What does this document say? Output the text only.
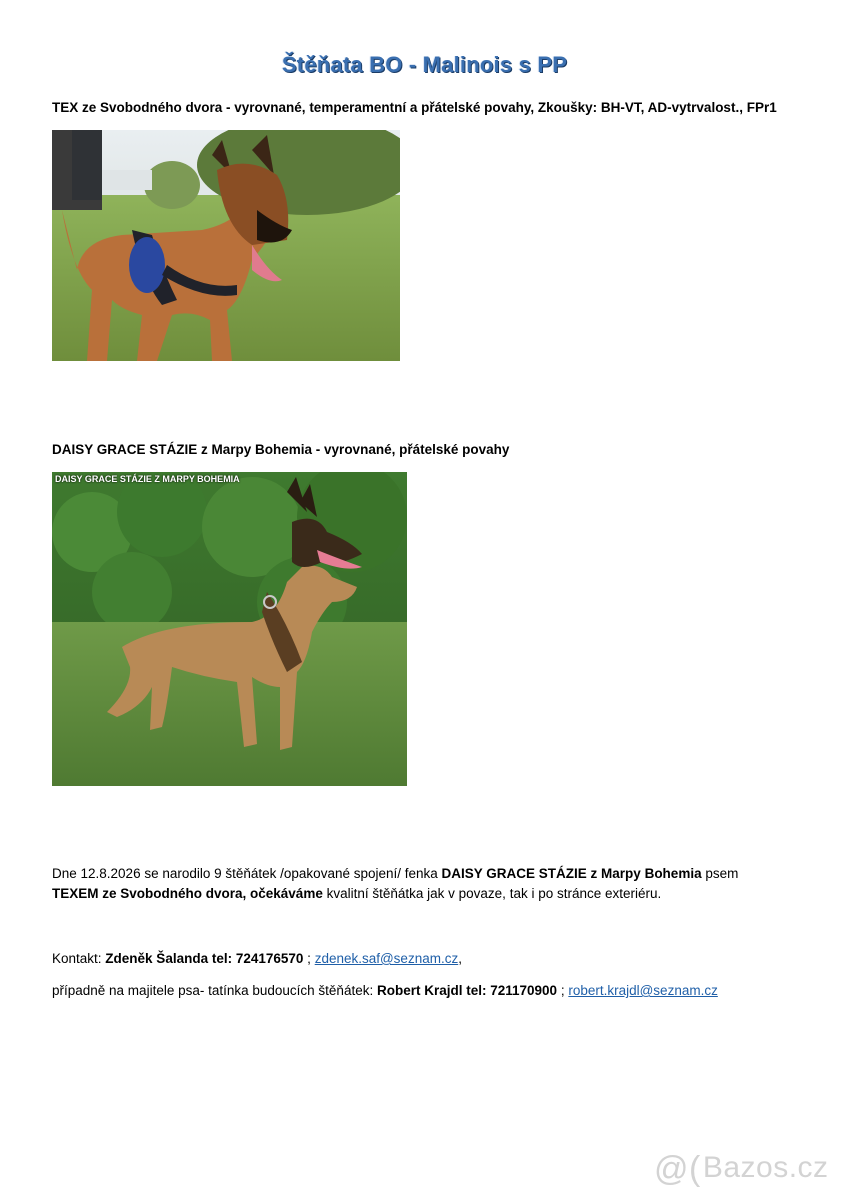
Štěňata BO - Malinois s PP
TEX ze Svobodného dvora - vyrovnané, temperamentní a přátelské povahy, Zkoušky: BH-VT, AD-vytrvalost., FPr1
DAISY GRACE STÁZIE z Marpy Bohemia - vyrovnané, přátelské povahy
DAISY GRACE STÁZIE Z MARPY BOHEMIA
Dne 12.8.2026 se narodilo 9 štěňátek /opakované spojení/ fenka DAISY GRACE STÁZIE z Marpy Bohemia psem
TEXEM ze Svobodného dvora, očekáváme kvalitní štěňátka jak v povaze, tak i po stránce exteriéru.
Kontakt: Zdeněk Šalanda tel: 724176570 ; zdenek.saf@seznam.cz,
případně na majitele psa- tatínka budoucích štěňátek: Robert Krajdl tel: 721170900 ; robert.krajdl@seznam.cz
@(Bazos.cz
